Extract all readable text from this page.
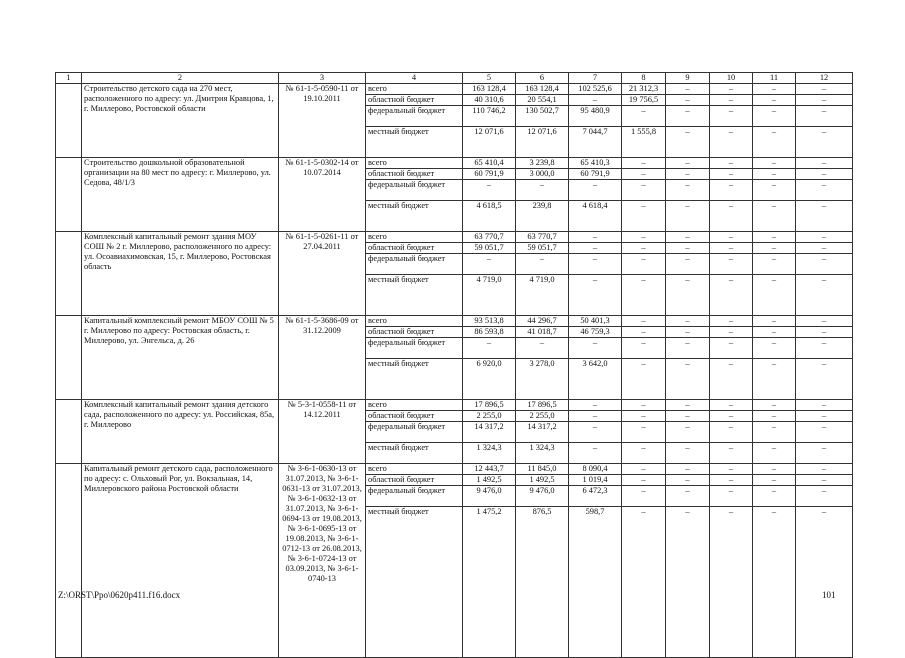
1	2	3	4	5	6	7	8	9	10	11	12
	Строительство детского сада на 270 мест, расположенного по адресу: ул. Дмитрия Кравцова, 1, г. Миллерово, Ростовской области	№ 61-1-5-0590-11 от 19.10.2011	всего	163 128,4	163 128,4	102 525,6	21 312,3	–	–	–	–
			областной бюджет	40 310,6	20 554,1	–	19 756,5	–	–	–	–
			федеральный бюджет	110 746,2	130 502,7	95 480,9	–	–	–	–	–
			местный бюджет	12 071,6	12 071,6	7 044,7	1 555,8	–	–	–	–
	Строительство дошкольной образовательной организации на 80 мест по адресу: г. Миллерово, ул. Седова, 48/1/3	№ 61-1-5-0302-14 от 10.07.2014	всего	65 410,4	3 239,8	65 410,3	–	–	–	–	–
			областной бюджет	60 791,9	3 000,0	60 791,9	–	–	–	–	–
			федеральный бюджет	–	–	–	–	–	–	–	–
			местный бюджет	4 618,5	239,8	4 618,4	–	–	–	–	–
	Комплексный капитальный ремонт здания МОУ СОШ № 2 г. Миллерово, расположенного по адресу: ул. Осоавиахимовская, 15, г. Миллерово, Ростовская область	№ 61-1-5-0261-11 от 27.04.2011	всего	63 770,7	63 770,7	–	–	–	–	–	–
			областной бюджет	59 051,7	59 051,7	–	–	–	–	–	–
			федеральный бюджет	–	–	–	–	–	–	–	–
			местный бюджет	4 719,0	4 719,0	–	–	–	–	–	–
	Капитальный комплексный ремонт МБОУ СОШ № 5 г. Миллерово по адресу: Ростовская область, г. Миллерово, ул. Энгельса, д. 26	№ 61-1-5-3686-09 от 31.12.2009	всего	93 513,8	44 296,7	50 401,3	–	–	–	–	–
			областной бюджет	86 593,8	41 018,7	46 759,3	–	–	–	–	–
			федеральный бюджет	–	–	–	–	–	–	–	–
			местный бюджет	6 920,0	3 278,0	3 642,0	–	–	–	–	–
	Комплексный капитальный ремонт здания детского сада, расположенного по адресу: ул. Российская, 85а, г. Миллерово	№ 5-3-1-0558-11 от 14.12.2011	всего	17 896,5	17 896,5	–	–	–	–	–	–
			областной бюджет	2 255,0	2 255,0	–	–	–	–	–	–
			федеральный бюджет	14 317,2	14 317,2	–	–	–	–	–	–
			местный бюджет	1 324,3	1 324,3	–	–	–	–	–	–
	Капитальный ремонт детского сада, расположенного по адресу: с. Ольховый Рог, ул. Вокзальная, 14, Миллеровского района Ростовской области	№ 3-6-1-0630-13 от 31.07.2013, № 3-6-1-0631-13 от 31.07.2013, № 3-6-1-0632-13 от 31.07.2013, № 3-6-1-0694-13 от 19.08.2013, № 3-6-1-0695-13 от 19.08.2013, № 3-6-1-0712-13 от 26.08.2013, № 3-6-1-0724-13 от 03.09.2013, № 3-6-1-0740-13	всего	12 443,7	11 845,0	8 090,4	–	–	–	–	–
			областной бюджет	1 492,5	1 492,5	1 019,4	–	–	–	–	–
			федеральный бюджет	9 476,0	9 476,0	6 472,3	–	–	–	–	–
			местный бюджет	1 475,2	876,5	598,7	–	–	–	–	–
Z:\ORST\Ppo\0620p411.f16.docx	101
